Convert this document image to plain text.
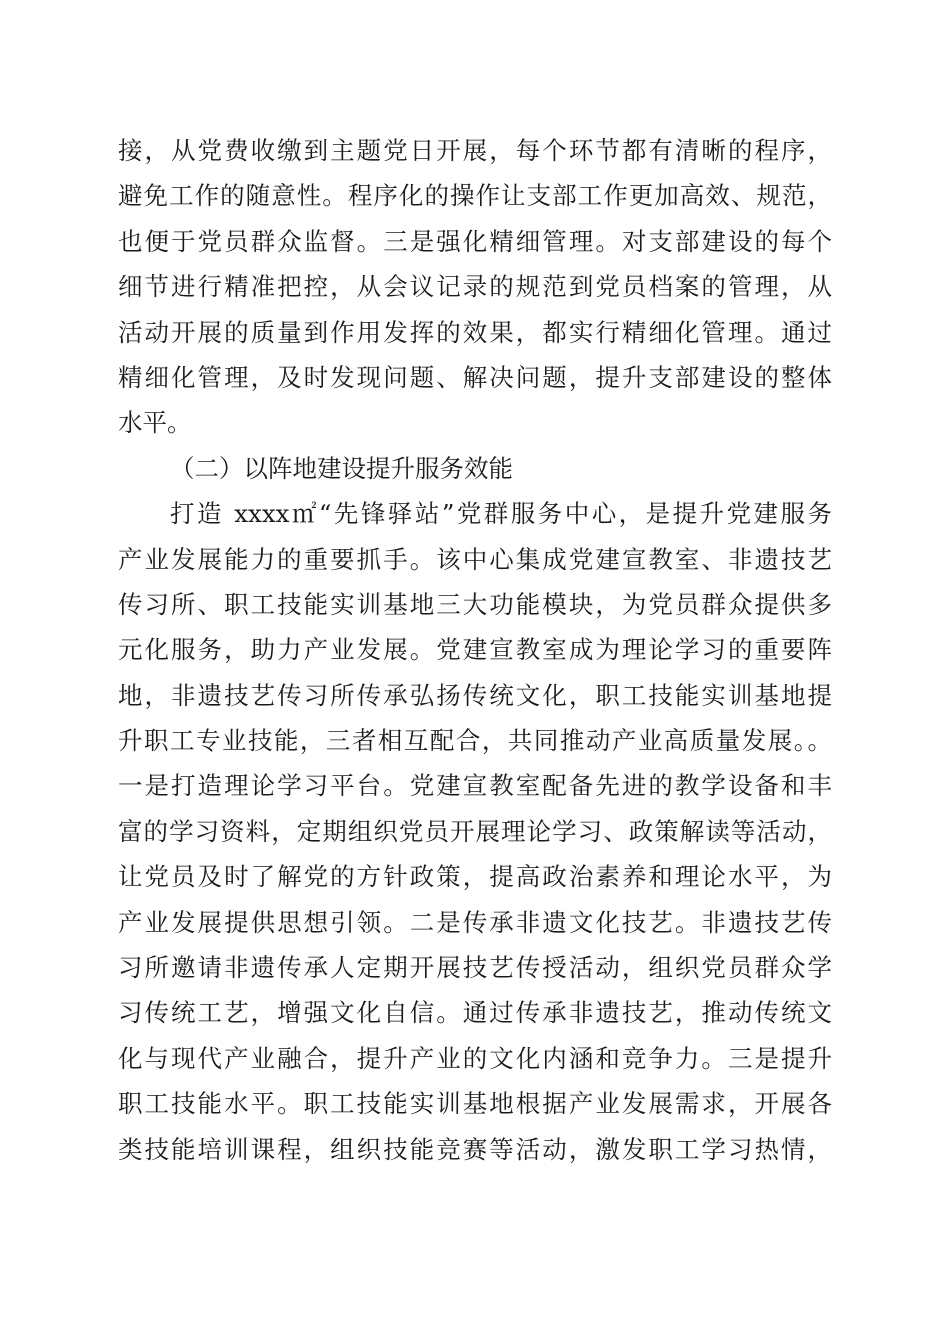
接，从党费收缴到主题党日开展，每个环节都有清晰的程序，
避免工作的随意性。程序化的操作让支部工作更加高效、规范，
也便于党员群众监督。三是强化精细管理。对支部建设的每个
细节进行精准把控，从会议记录的规范到党员档案的管理，从
活动开展的质量到作用发挥的效果，都实行精细化管理。通过
精细化管理，及时发现问题、解决问题，提升支部建设的整体
水平。
（二）以阵地建设提升服务效能
打造 xxxx㎡“先锋驿站”党群服务中心，是提升党建服务
产业发展能力的重要抓手。该中心集成党建宣教室、非遗技艺
传习所、职工技能实训基地三大功能模块，为党员群众提供多
元化服务，助力产业发展。党建宣教室成为理论学习的重要阵
地，非遗技艺传习所传承弘扬传统文化，职工技能实训基地提
升职工专业技能，三者相互配合，共同推动产业高质量发展。。
一是打造理论学习平台。党建宣教室配备先进的教学设备和丰
富的学习资料，定期组织党员开展理论学习、政策解读等活动，
让党员及时了解党的方针政策，提高政治素养和理论水平，为
产业发展提供思想引领。二是传承非遗文化技艺。非遗技艺传
习所邀请非遗传承人定期开展技艺传授活动，组织党员群众学
习传统工艺，增强文化自信。通过传承非遗技艺，推动传统文
化与现代产业融合，提升产业的文化内涵和竞争力。三是提升
职工技能水平。职工技能实训基地根据产业发展需求，开展各
类技能培训课程，组织技能竞赛等活动，激发职工学习热情，
